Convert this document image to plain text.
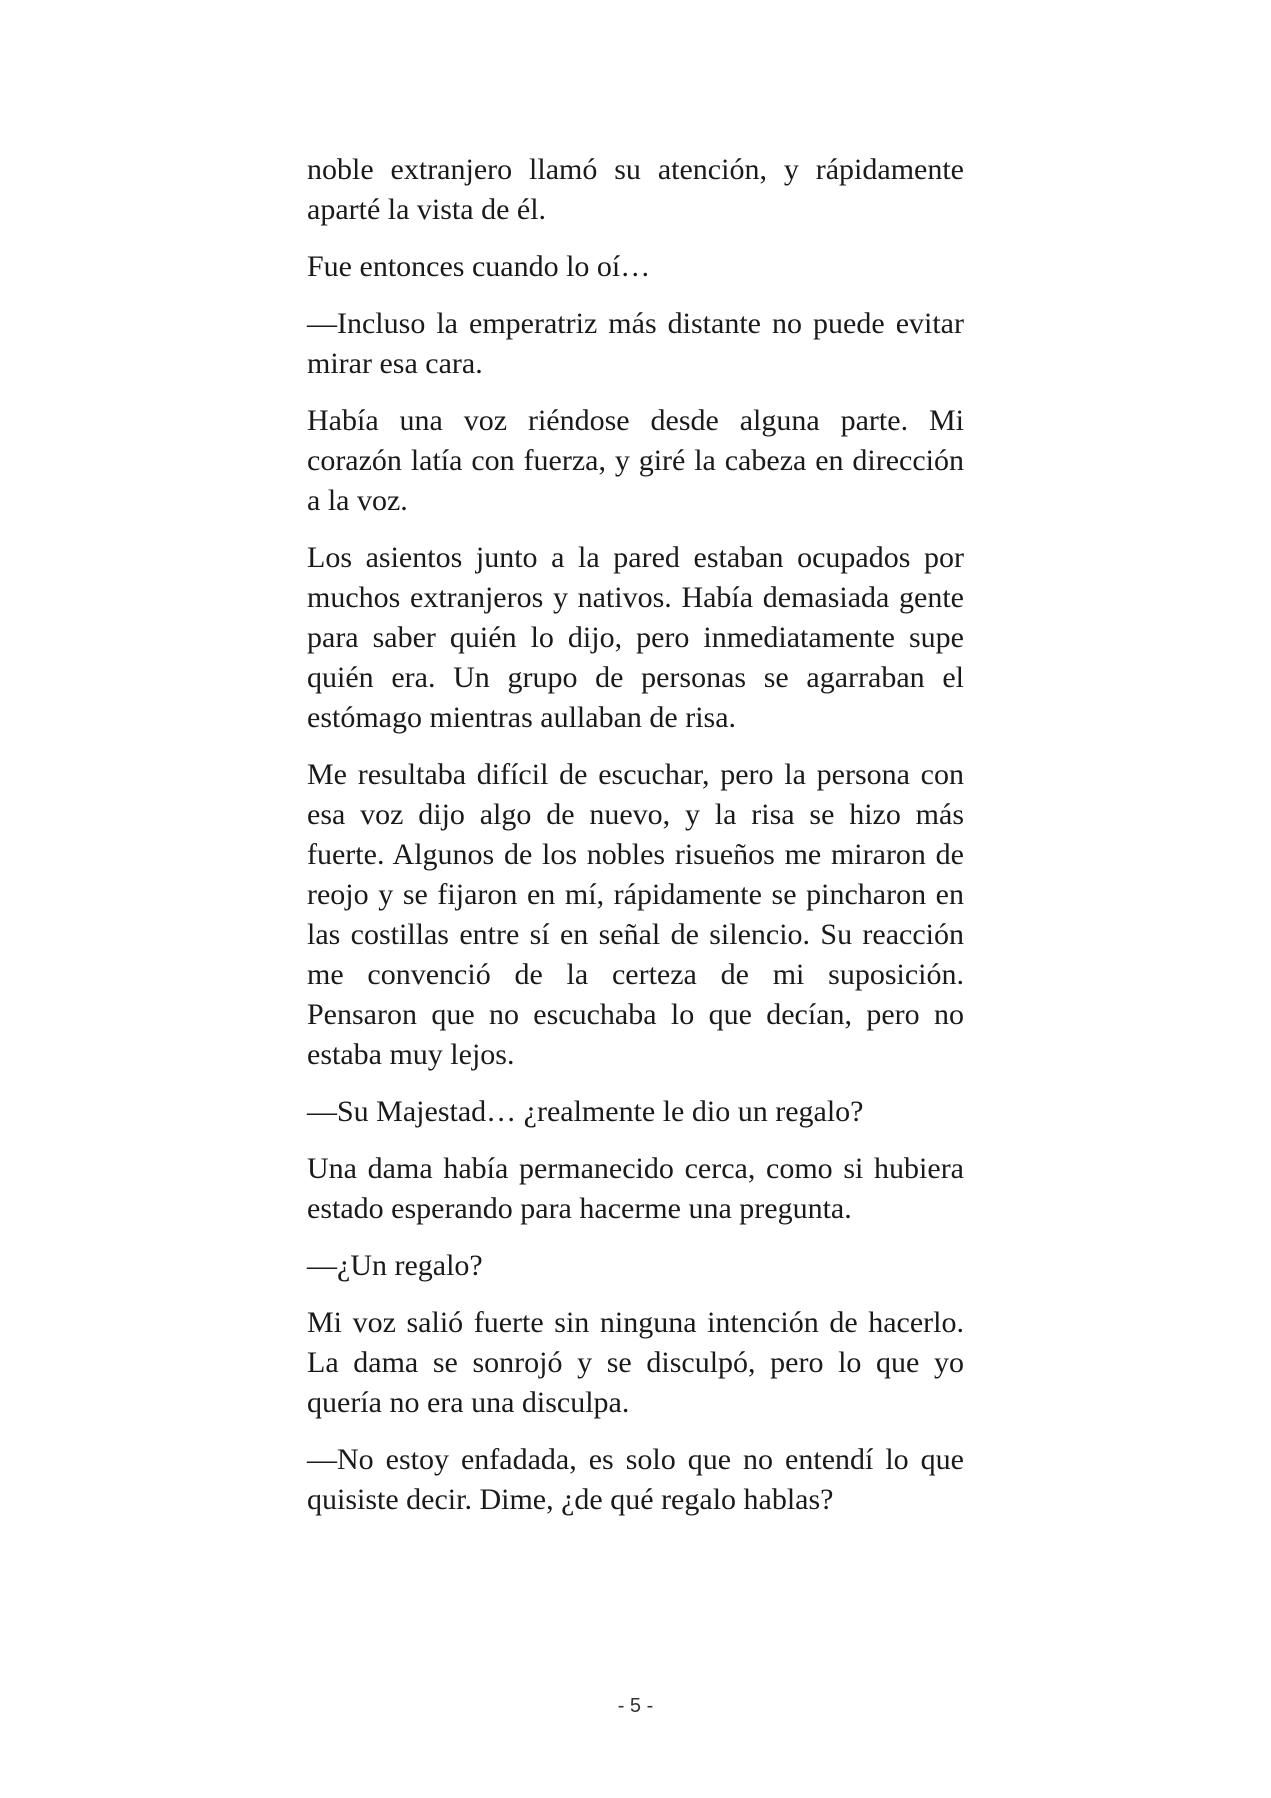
noble extranjero llamó su atención, y rápidamente aparté la vista de él.

Fue entonces cuando lo oí…

—Incluso la emperatriz más distante no puede evitar mirar esa cara.

Había una voz riéndose desde alguna parte. Mi corazón latía con fuerza, y giré la cabeza en dirección a la voz.

Los asientos junto a la pared estaban ocupados por muchos extranjeros y nativos. Había demasiada gente para saber quién lo dijo, pero inmediatamente supe quién era. Un grupo de personas se agarraban el estómago mientras aullaban de risa.

Me resultaba difícil de escuchar, pero la persona con esa voz dijo algo de nuevo, y la risa se hizo más fuerte. Algunos de los nobles risueños me miraron de reojo y se fijaron en mí, rápidamente se pincharon en las costillas entre sí en señal de silencio. Su reacción me convenció de la certeza de mi suposición. Pensaron que no escuchaba lo que decían, pero no estaba muy lejos.

—Su Majestad… ¿realmente le dio un regalo?

Una dama había permanecido cerca, como si hubiera estado esperando para hacerme una pregunta.

—¿Un regalo?

Mi voz salió fuerte sin ninguna intención de hacerlo. La dama se sonrojó y se disculpó, pero lo que yo quería no era una disculpa.

—No estoy enfadada, es solo que no entendí lo que quisiste decir. Dime, ¿de qué regalo hablas?

- 5 -
